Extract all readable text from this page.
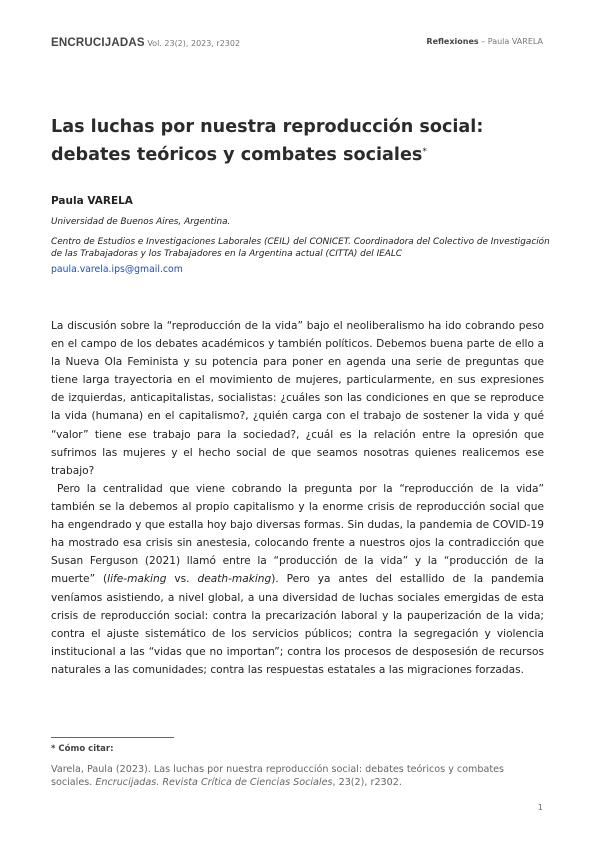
ENCRUCIJADAS Vol. 23(2), 2023, r2302	Reflexiones – Paula VARELA
Las luchas por nuestra reproducción social:
debates teóricos y combates sociales*
Paula VARELA
Universidad de Buenos Aires, Argentina.
Centro de Estudios e Investigaciones Laborales (CEIL) del CONICET. Coordinadora del Colectivo de Investigación de las Trabajadoras y los Trabajadores en la Argentina actual (CITTA) del IEALC
paula.varela.ips@gmail.com

La discusión sobre la “reproducción de la vida” bajo el neoliberalismo ha ido cobrando peso en el campo de los debates académicos y también políticos. Debemos buena parte de ello a la Nueva Ola Feminista y su potencia para poner en agenda una serie de preguntas que tiene larga trayectoria en el movimiento de mujeres, particularmente, en sus expresiones de izquierdas, anticapitalistas, socialistas: ¿cuáles son las condiciones en que se reproduce la vida (humana) en el capitalismo?, ¿quién carga con el trabajo de sostener la vida y qué “valor” tiene ese trabajo para la sociedad?, ¿cuál es la relación entre la opresión que sufrimos las mujeres y el hecho social de que seamos nosotras quienes realicemos ese trabajo?

Pero la centralidad que viene cobrando la pregunta por la “reproducción de la vida” también se la debemos al propio capitalismo y la enorme crisis de reproducción social que ha engendrado y que estalla hoy bajo diversas formas. Sin dudas, la pandemia de COVID-19 ha mostrado esa crisis sin anestesia, colocando frente a nuestros ojos la contradicción que Susan Ferguson (2021) llamó entre la “producción de la vida” y la “producción de la muerte” (life-making vs. death-making). Pero ya antes del estallido de la pandemia veníamos asistiendo, a nivel global, a una diversidad de luchas sociales emergidas de esta crisis de reproducción social: contra la precarización laboral y la pauperización de la vida; contra el ajuste sistemático de los servicios públicos; contra la segregación y violencia institucional a las “vidas que no importan”; contra los procesos de desposesión de recursos naturales a las comunidades; contra las respuestas estatales a las migraciones forzadas.

* Cómo citar:
Varela, Paula (2023). Las luchas por nuestra reproducción social: debates teóricos y combates sociales. Encrucijadas. Revista Crítica de Ciencias Sociales, 23(2), r2302.
1
